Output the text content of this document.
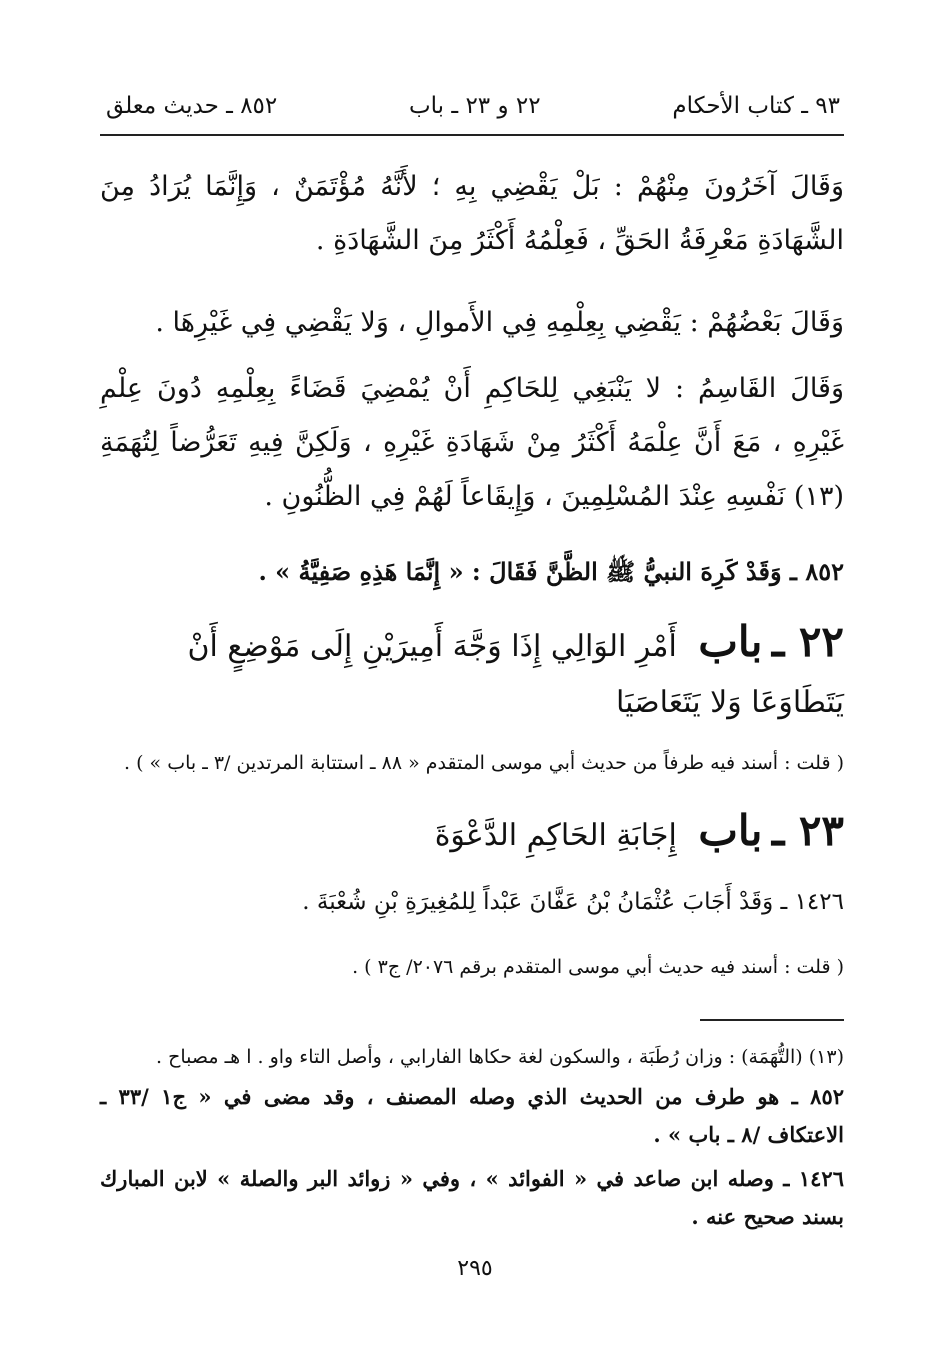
٩٣ ـ كتاب الأحكام
٢٢ و ٢٣ ـ باب
٨٥٢ ـ حديث معلق
وَقَالَ آخَرُونَ مِنْهُمْ : بَلْ يَقْضِي بِهِ ؛ لأَنَّهُ مُؤْتَمَنٌ ، وَإِنَّمَا يُرَادُ مِنَ الشَّهَادَةِ مَعْرِفَةُ الحَقِّ ، فَعِلْمُهُ أَكْثَرُ مِنَ الشَّهَادَةِ .
وَقَالَ بَعْضُهُمْ : يَقْضِي بِعِلْمِهِ فِي الأَموالِ ، وَلا يَقْضِي فِي غَيْرِهَا .
وَقَالَ القَاسِمُ : لا يَنْبَغِي لِلحَاكِمِ أَنْ يُمْضِيَ قَضَاءً بِعِلْمِهِ دُونَ عِلْمِ غَيْرِهِ ، مَعَ أَنَّ عِلْمَهُ أَكْثَرُ مِنْ شَهَادَةِ غَيْرِهِ ، وَلَكِنَّ فِيهِ تَعَرُّضاً لِتُهَمَةِ (١٣) نَفْسِهِ عِنْدَ المُسْلِمِينَ ، وَإِيقَاعاً لَهُمْ فِي الظُّنُونِ .
٨٥٢ ـ وَقَدْ كَرِهَ النبيُّ ﷺ الظَّنَّ فَقَالَ : « إِنَّمَا هَذِهِ صَفِيَّةُ » .
٢٢ ـ باب أَمْرِ الوَالِي إِذَا وَجَّهَ أَمِيرَيْنِ إِلَى مَوْضِعٍ أَنْ يَتَطَاوَعَا وَلا يَتَعَاصَيَا
( قلت : أسند فيه طرفاً من حديث أبي موسى المتقدم « ٨٨ ـ استتابة المرتدين /٣ ـ باب » ) .
٢٣ ـ باب إِجَابَةِ الحَاكِمِ الدَّعْوَةَ
١٤٢٦ ـ وَقَدْ أَجَابَ عُثْمَانُ بْنُ عَفَّانَ عَبْداً لِلمُغِيرَةِ بْنِ شُعْبَةَ .
( قلت : أسند فيه حديث أبي موسى المتقدم برقم ٢٠٧٦/ ج٣ ) .
(١٣) (التُّهَمَة) : وزان رُطَبَة ، والسكون لغة حكاها الفارابي ، وأصل التاء واو . ا هـ مصباح .
٨٥٢ ـ هو طرف من الحديث الذي وصله المصنف ، وقد مضى في « ج١ /٣٣ ـ الاعتكاف /٨ ـ باب » .
١٤٢٦ ـ وصله ابن صاعد في « الفوائد » ، وفي « زوائد البر والصلة » لابن المبارك بسند صحيح عنه .
٢٩٥
